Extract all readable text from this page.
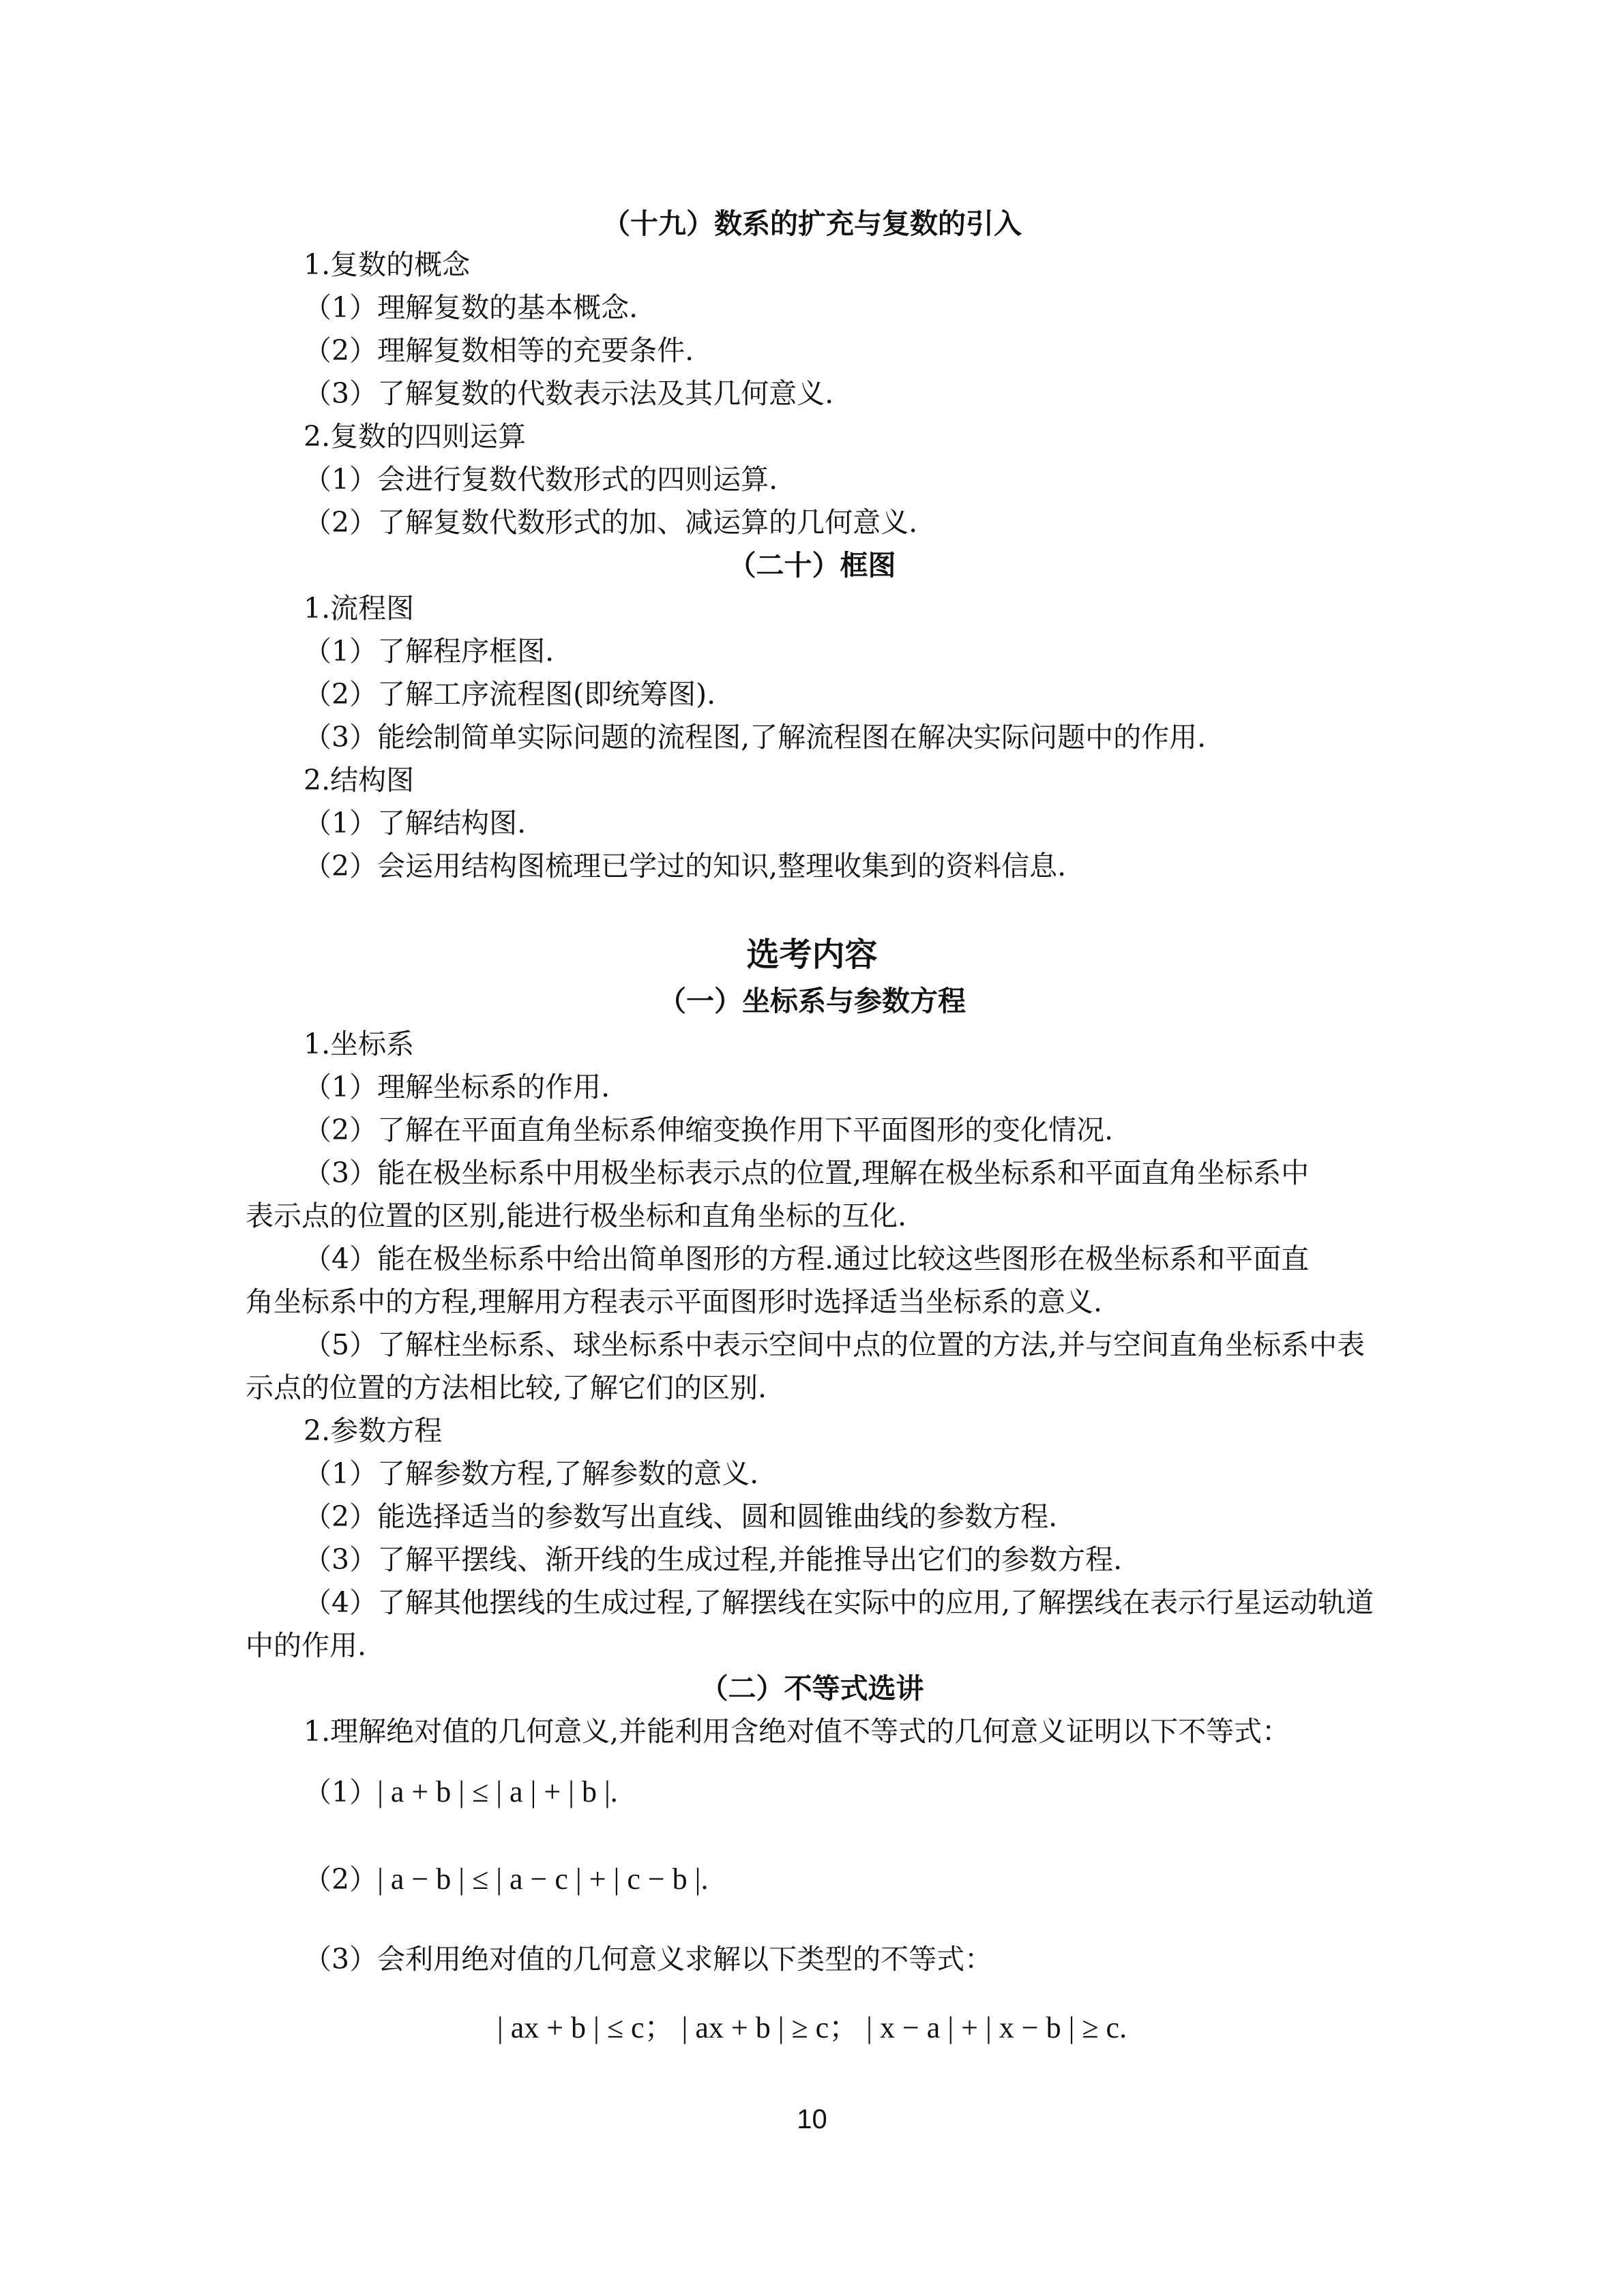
（十九）数系的扩充与复数的引入
1.复数的概念
（1）理解复数的基本概念.
（2）理解复数相等的充要条件.
（3）了解复数的代数表示法及其几何意义.
2.复数的四则运算
（1）会进行复数代数形式的四则运算.
（2）了解复数代数形式的加、减运算的几何意义.
（二十）框图
1.流程图
（1）了解程序框图.
（2）了解工序流程图(即统筹图).
（3）能绘制简单实际问题的流程图,了解流程图在解决实际问题中的作用.
2.结构图
（1）了解结构图.
（2）会运用结构图梳理已学过的知识,整理收集到的资料信息.
选考内容
（一）坐标系与参数方程
1.坐标系
（1）理解坐标系的作用.
（2）了解在平面直角坐标系伸缩变换作用下平面图形的变化情况.
（3）能在极坐标系中用极坐标表示点的位置,理解在极坐标系和平面直角坐标系中
表示点的位置的区别,能进行极坐标和直角坐标的互化.
（4）能在极坐标系中给出简单图形的方程.通过比较这些图形在极坐标系和平面直
角坐标系中的方程,理解用方程表示平面图形时选择适当坐标系的意义.
（5）了解柱坐标系、球坐标系中表示空间中点的位置的方法,并与空间直角坐标系中表
示点的位置的方法相比较,了解它们的区别.
2.参数方程
（1）了解参数方程,了解参数的意义.
（2）能选择适当的参数写出直线、圆和圆锥曲线的参数方程.
（3）了解平摆线、渐开线的生成过程,并能推导出它们的参数方程.
（4）了解其他摆线的生成过程,了解摆线在实际中的应用,了解摆线在表示行星运动轨道
中的作用.
（二）不等式选讲
1.理解绝对值的几何意义,并能利用含绝对值不等式的几何意义证明以下不等式：
（1）| a + b | ≤ | a | + | b |.
（2）| a − b | ≤ | a − c | + | c − b |.
（3）会利用绝对值的几何意义求解以下类型的不等式：
| ax + b | ≤ c； | ax + b | ≥ c； | x − a | + | x − b | ≥ c.
10
